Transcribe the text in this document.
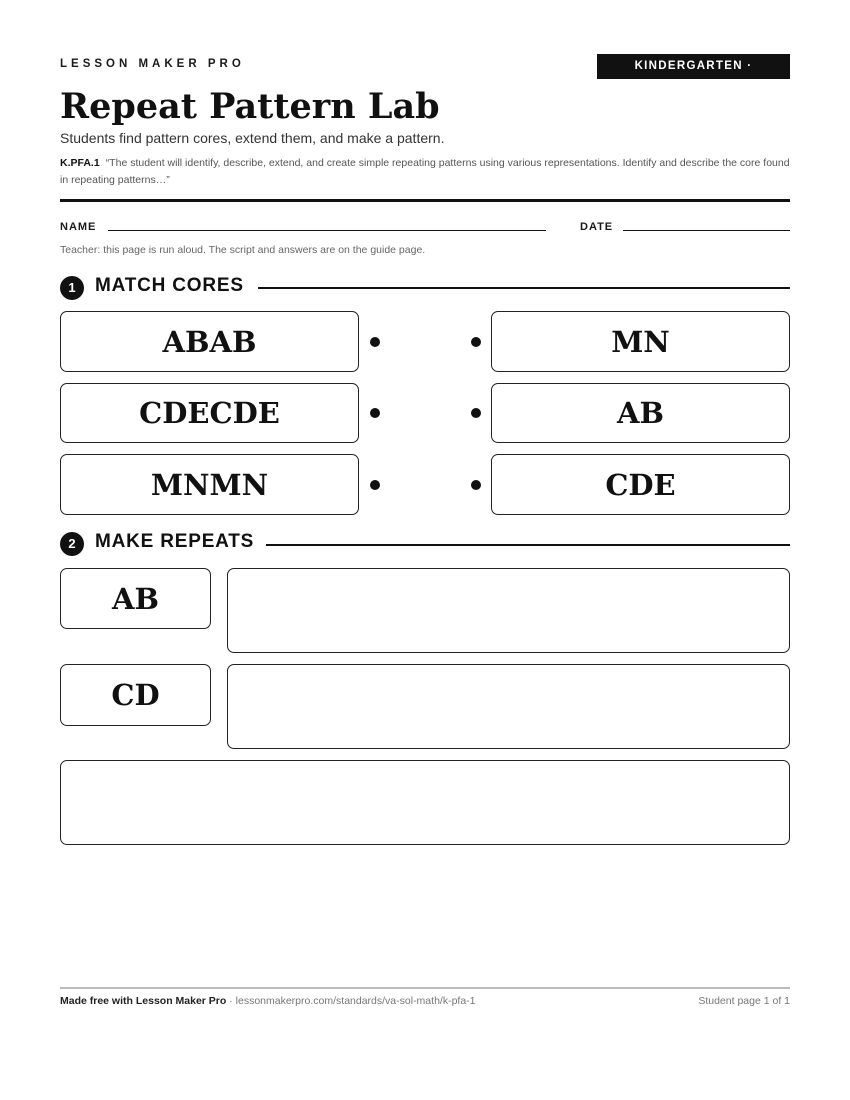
LESSON MAKER PRO	KINDERGARTEN · K.PFA.1
Repeat Pattern Lab
Students find pattern cores, extend them, and make a pattern.
K.PFA.1 “The student will identify, describe, extend, and create simple repeating patterns using various representations. Identify and describe the core found in repeating patterns…”
NAME	DATE
Teacher: this page is run aloud. The script and answers are on the guide page.
1	MATCH CORES
ABAB	MN
CDECDE	AB
MNMN	CDE
2	MAKE REPEATS
AB
CD
Made free with Lesson Maker Pro · lessonmakerpro.com/standards/va-sol-math/k-pfa-1	Student page 1 of 1
